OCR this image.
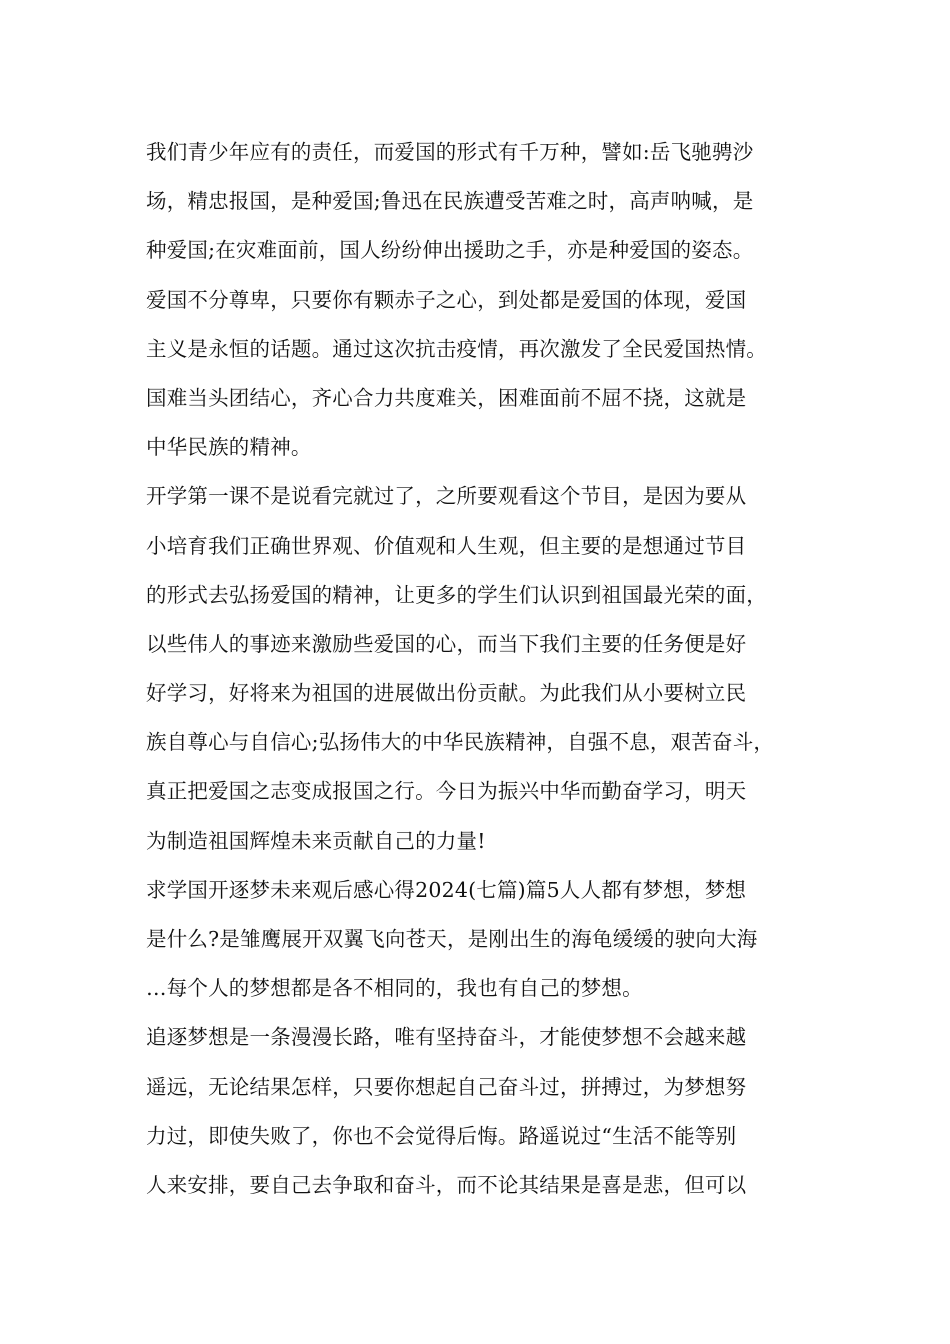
我们青少年应有的责任，而爱国的形式有千万种，譬如:岳飞驰骋沙
场，精忠报国，是种爱国;鲁迅在民族遭受苦难之时，高声呐喊，是
种爱国;在灾难面前，国人纷纷伸出援助之手，亦是种爱国的姿态。
爱国不分尊卑，只要你有颗赤子之心，到处都是爱国的体现，爱国
主义是永恒的话题。通过这次抗击疫情，再次激发了全民爱国热情。
国难当头团结心，齐心合力共度难关，困难面前不屈不挠，这就是
中华民族的精神。
开学第一课不是说看完就过了，之所要观看这个节目，是因为要从
小培育我们正确世界观、价值观和人生观，但主要的是想通过节目
的形式去弘扬爱国的精神，让更多的学生们认识到祖国最光荣的面，
以些伟人的事迹来激励些爱国的心，而当下我们主要的任务便是好
好学习，好将来为祖国的进展做出份贡献。为此我们从小要树立民
族自尊心与自信心;弘扬伟大的中华民族精神，自强不息，艰苦奋斗，
真正把爱国之志变成报国之行。今日为振兴中华而勤奋学习，明天
为制造祖国辉煌未来贡献自己的力量!
求学国开逐梦未来观后感心得2024(七篇)篇5人人都有梦想，梦想
是什么?是雏鹰展开双翼飞向苍天，是刚出生的海龟缓缓的驶向大海
…每个人的梦想都是各不相同的，我也有自己的梦想。
追逐梦想是一条漫漫长路，唯有坚持奋斗，才能使梦想不会越来越
遥远，无论结果怎样，只要你想起自己奋斗过，拼搏过，为梦想努
力过，即使失败了，你也不会觉得后悔。路遥说过“生活不能等别
人来安排，要自己去争取和奋斗，而不论其结果是喜是悲，但可以
